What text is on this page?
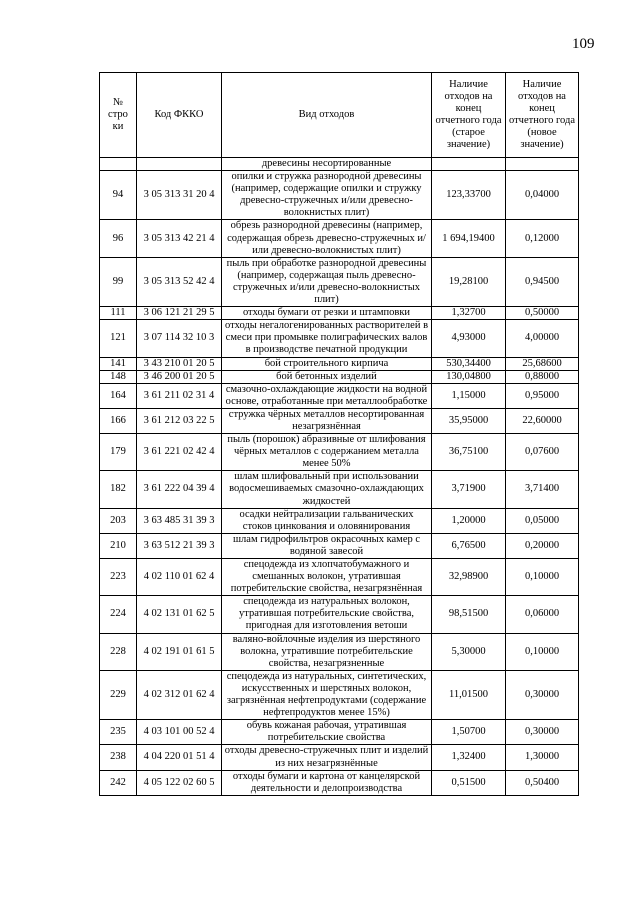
109
№ стро ки	Код ФККО	Вид отходов	Наличие отходов на конец отчетного года (старое значение)	Наличие отходов на конец отчетного года (новое значение)
		древесины несортированные		
94	3 05 313 31 20 4	опилки и стружка разнородной древесины (например, содержащие опилки и стружку древесно-стружечных и/или древесно-волокнистых плит)	123,33700	0,04000
96	3 05 313 42 21 4	обрезь разнородной древесины (например, содержащая обрезь древесно-стружечных и/или древесно-волокнистых плит)	1 694,19400	0,12000
99	3 05 313 52 42 4	пыль при обработке разнородной древесины (например, содержащая пыль древесно-стружечных и/или древесно-волокнистых плит)	19,28100	0,94500
111	3 06 121 21 29 5	отходы бумаги от резки и штамповки	1,32700	0,50000
121	3 07 114 32 10 3	отходы негалогенированных растворителей в смеси при промывке полиграфических валов в производстве печатной продукции	4,93000	4,00000
141	3 43 210 01 20 5	бой строительного кирпича	530,34400	25,68600
148	3 46 200 01 20 5	бой бетонных изделий	130,04800	0,88000
164	3 61 211 02 31 4	смазочно-охлаждающие жидкости на водной основе, отработанные при металлообработке	1,15000	0,95000
166	3 61 212 03 22 5	стружка чёрных металлов несортированная незагрязнённая	35,95000	22,60000
179	3 61 221 02 42 4	пыль (порошок) абразивные от шлифования чёрных металлов с содержанием металла менее 50%	36,75100	0,07600
182	3 61 222 04 39 4	шлам шлифовальный при использовании водосмешиваемых смазочно-охлаждающих жидкостей	3,71900	3,71400
203	3 63 485 31 39 3	осадки нейтрализации гальванических стоков цинкования и оловянирования	1,20000	0,05000
210	3 63 512 21 39 3	шлам гидрофильтров окрасочных камер с водяной завесой	6,76500	0,20000
223	4 02 110 01 62 4	спецодежда из хлопчатобумажного и смешанных волокон, утратившая потребительские свойства, незагрязнённая	32,98900	0,10000
224	4 02 131 01 62 5	спецодежда из натуральных волокон, утратившая потребительские свойства, пригодная для изготовления ветоши	98,51500	0,06000
228	4 02 191 01 61 5	валяно-войлочные изделия из шерстяного волокна, утратившие потребительские свойства, незагрязненные	5,30000	0,10000
229	4 02 312 01 62 4	спецодежда из натуральных, синтетических, искусственных и шерстяных волокон, загрязнённая нефтепродуктами (содержание нефтепродуктов менее 15%)	11,01500	0,30000
235	4 03 101 00 52 4	обувь кожаная рабочая, утратившая потребительские свойства	1,50700	0,30000
238	4 04 220 01 51 4	отходы древесно-стружечных плит и изделий из них незагрязнённые	1,32400	1,30000
242	4 05 122 02 60 5	отходы бумаги и картона от канцелярской деятельности и делопроизводства	0,51500	0,50400
